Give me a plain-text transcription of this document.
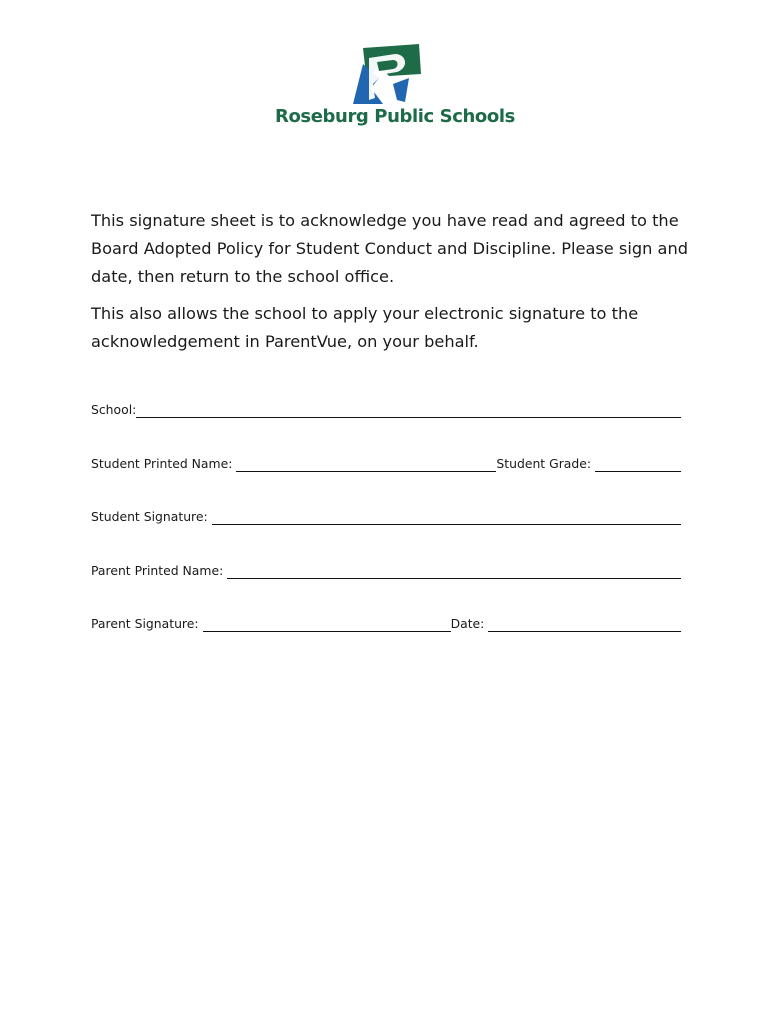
Roseburg Public Schools

This signature sheet is to acknowledge you have read and agreed to the Board Adopted Policy for Student Conduct and Discipline. Please sign and date, then return to the school office.

This also allows the school to apply your electronic signature to the acknowledgement in ParentVue, on your behalf.

School:
Student Printed Name:	Student Grade:
Student Signature:
Parent Printed Name:
Parent Signature:	Date:
